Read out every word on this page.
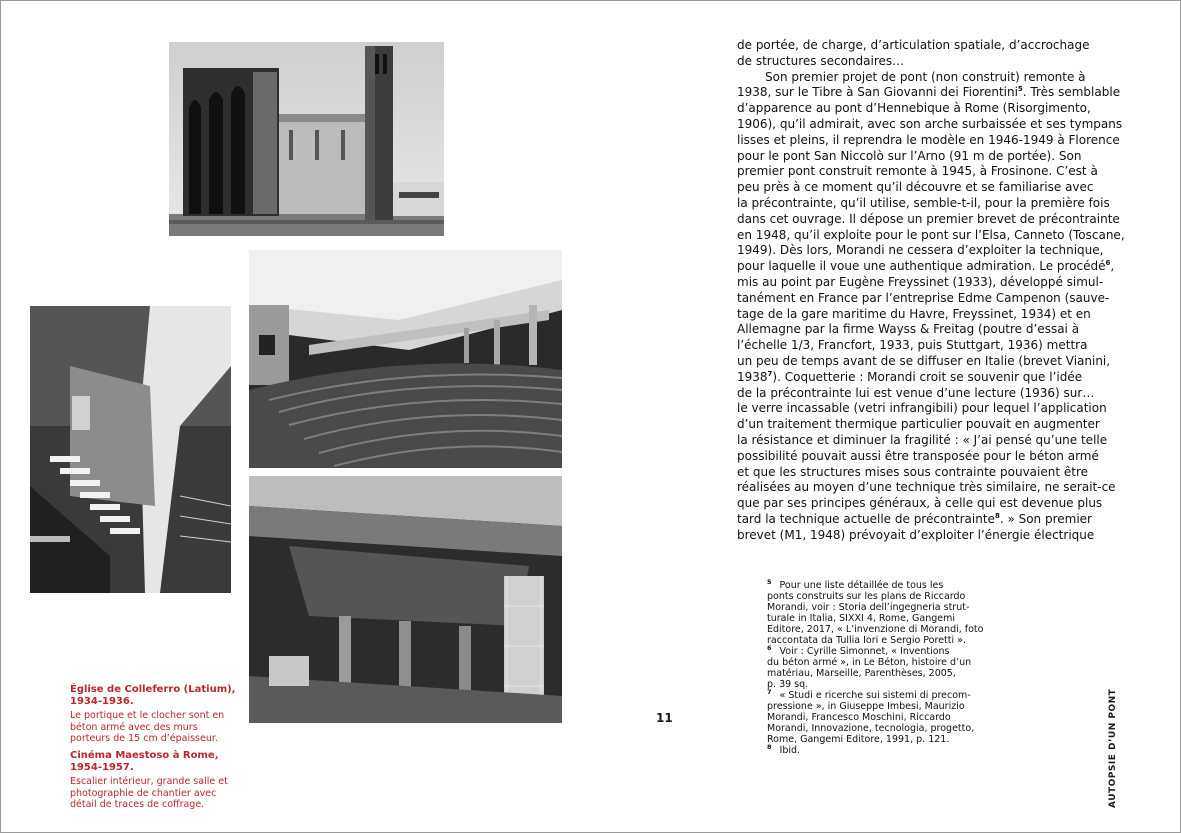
Église de Colleferro (Latium), 1934-1936.
Le portique et le clocher sont en béton armé avec des murs porteurs de 15 cm d’épaisseur.
Cinéma Maestoso à Rome, 1954-1957.
Escalier intérieur, grande salle et photographie de chantier avec détail de traces de coffrage.
11
de portée, de charge, d’articulation spatiale, d’accrochage
de structures secondaires…
Son premier projet de pont (non construit) remonte à
1938, sur le Tibre à San Giovanni dei Fiorentini$^5$. Très semblable
d’apparence au pont d’Hennebique à Rome (Risorgimento,
1906), qu’il admirait, avec son arche surbaissée et ses tympans
lisses et pleins, il reprendra le modèle en 1946-1949 à Florence
pour le pont San Niccolò sur l’Arno (91 m de portée). Son
premier pont construit remonte à 1945, à Frosinone. C’est à
peu près à ce moment qu’il découvre et se familiarise avec
la précontrainte, qu’il utilise, semble-t-il, pour la première fois
dans cet ouvrage. Il dépose un premier brevet de précontrainte
en 1948, qu’il exploite pour le pont sur l’Elsa, Canneto (Toscane,
1949). Dès lors, Morandi ne cessera d’exploiter la technique,
pour laquelle il voue une authentique admiration. Le procédé$^6$,
mis au point par Eugène Freyssinet (1933), développé simul-
tanément en France par l’entreprise Edme Campenon (sauve-
tage de la gare maritime du Havre, Freyssinet, 1934) et en
Allemagne par la firme Wayss & Freitag (poutre d’essai à
l’échelle 1/3, Francfort, 1933, puis Stuttgart, 1936) mettra
un peu de temps avant de se diffuser en Italie (brevet Vianini,
1938$^7$). Coquetterie : Morandi croit se souvenir que l’idée
de la précontrainte lui est venue d’une lecture (1936) sur…
le verre incassable (vetri infrangibili) pour lequel l’application
d’un traitement thermique particulier pouvait en augmenter
la résistance et diminuer la fragilité : « J’ai pensé qu’une telle
possibilité pouvait aussi être transposée pour le béton armé
et que les structures mises sous contrainte pouvaient être
réalisées au moyen d’une technique très similaire, ne serait-ce
que par ses principes généraux, à celle qui est devenue plus
tard la technique actuelle de précontrainte$^8$. » Son premier
brevet (M1, 1948) prévoyait d’exploiter l’énergie électrique
$^5$ Pour une liste détaillée de tous les
ponts construits sur les plans de Riccardo
Morandi, voir : Storia dell’ingegneria strut-
turale in Italia, SIXXI 4, Rome, Gangemi
Editore, 2017, « L’invenzione di Morandi, foto
raccontata da Tullia Iori e Sergio Poretti ».
$^6$ Voir : Cyrille Simonnet, « Inventions
du béton armé », in Le Béton, histoire d’un
matériau, Marseille, Parenthèses, 2005,
p. 39 sq.
$^7$ « Studi e ricerche sui sistemi di precom-
pressione », in Giuseppe Imbesi, Maurizio
Morandi, Francesco Moschini, Riccardo
Morandi, Innovazione, tecnologia, progetto,
Rome, Gangemi Editore, 1991, p. 121.
$^8$ Ibid.	AUTOPSIE D’UN PONT
